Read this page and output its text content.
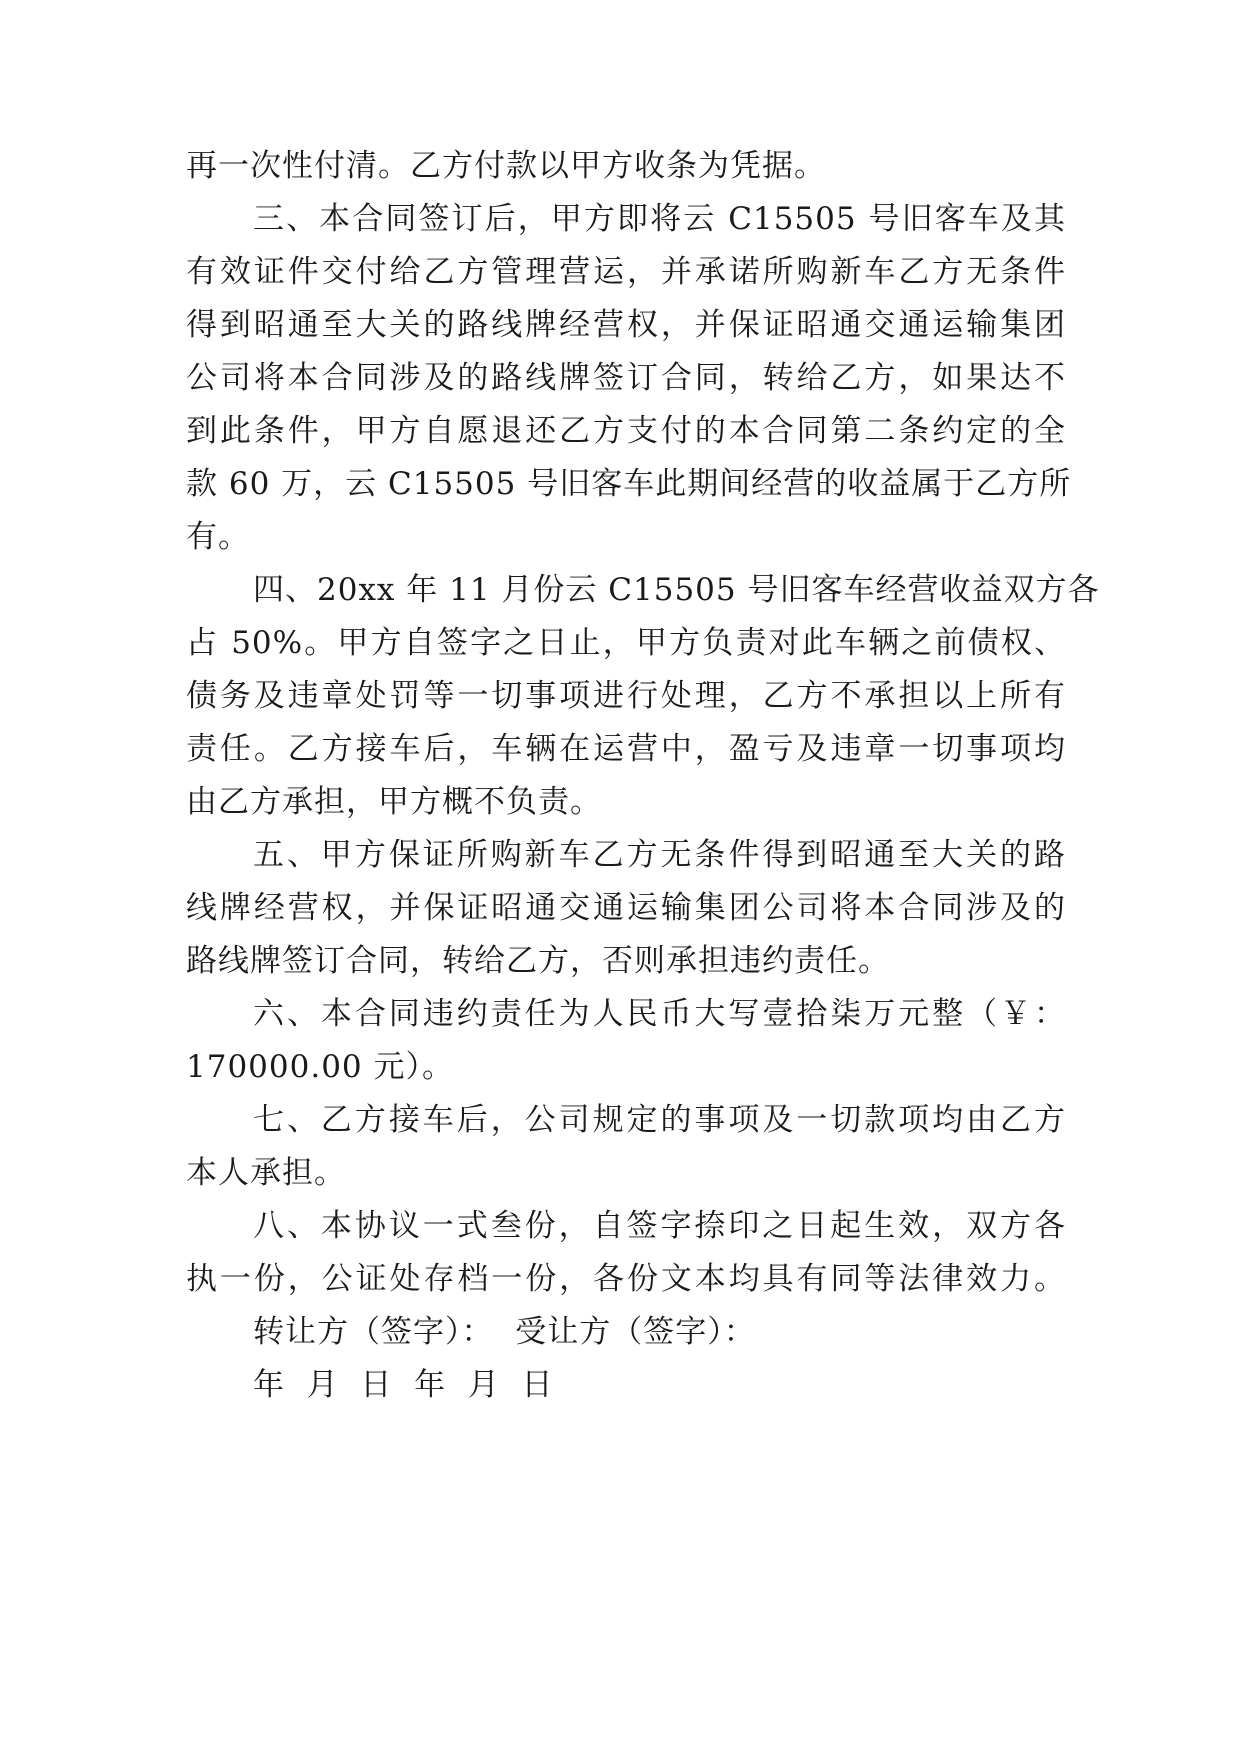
再一次性付清。乙方付款以甲方收条为凭据。
三、本合同签订后，甲方即将云 C15505 号旧客车及其
有效证件交付给乙方管理营运，并承诺所购新车乙方无条件
得到昭通至大关的路线牌经营权，并保证昭通交通运输集团
公司将本合同涉及的路线牌签订合同，转给乙方，如果达不
到此条件，甲方自愿退还乙方支付的本合同第二条约定的全
款 60 万，云 C15505 号旧客车此期间经营的收益属于乙方所
有。
四、20xx 年 11 月份云 C15505 号旧客车经营收益双方各
占 50%。甲方自签字之日止，甲方负责对此车辆之前债权、
债务及违章处罚等一切事项进行处理，乙方不承担以上所有
责任。乙方接车后，车辆在运营中，盈亏及违章一切事项均
由乙方承担，甲方概不负责。
五、甲方保证所购新车乙方无条件得到昭通至大关的路
线牌经营权，并保证昭通交通运输集团公司将本合同涉及的
路线牌签订合同，转给乙方，否则承担违约责任。
六、本合同违约责任为人民币大写壹拾柒万元整（￥：
170000.00 元）。
七、乙方接车后，公司规定的事项及一切款项均由乙方
本人承担。
八、本协议一式叁份，自签字捺印之日起生效，双方各
执一份，公证处存档一份，各份文本均具有同等法律效力。
转让方（签字）：  受让方（签字）：
年  月  日  年  月  日
